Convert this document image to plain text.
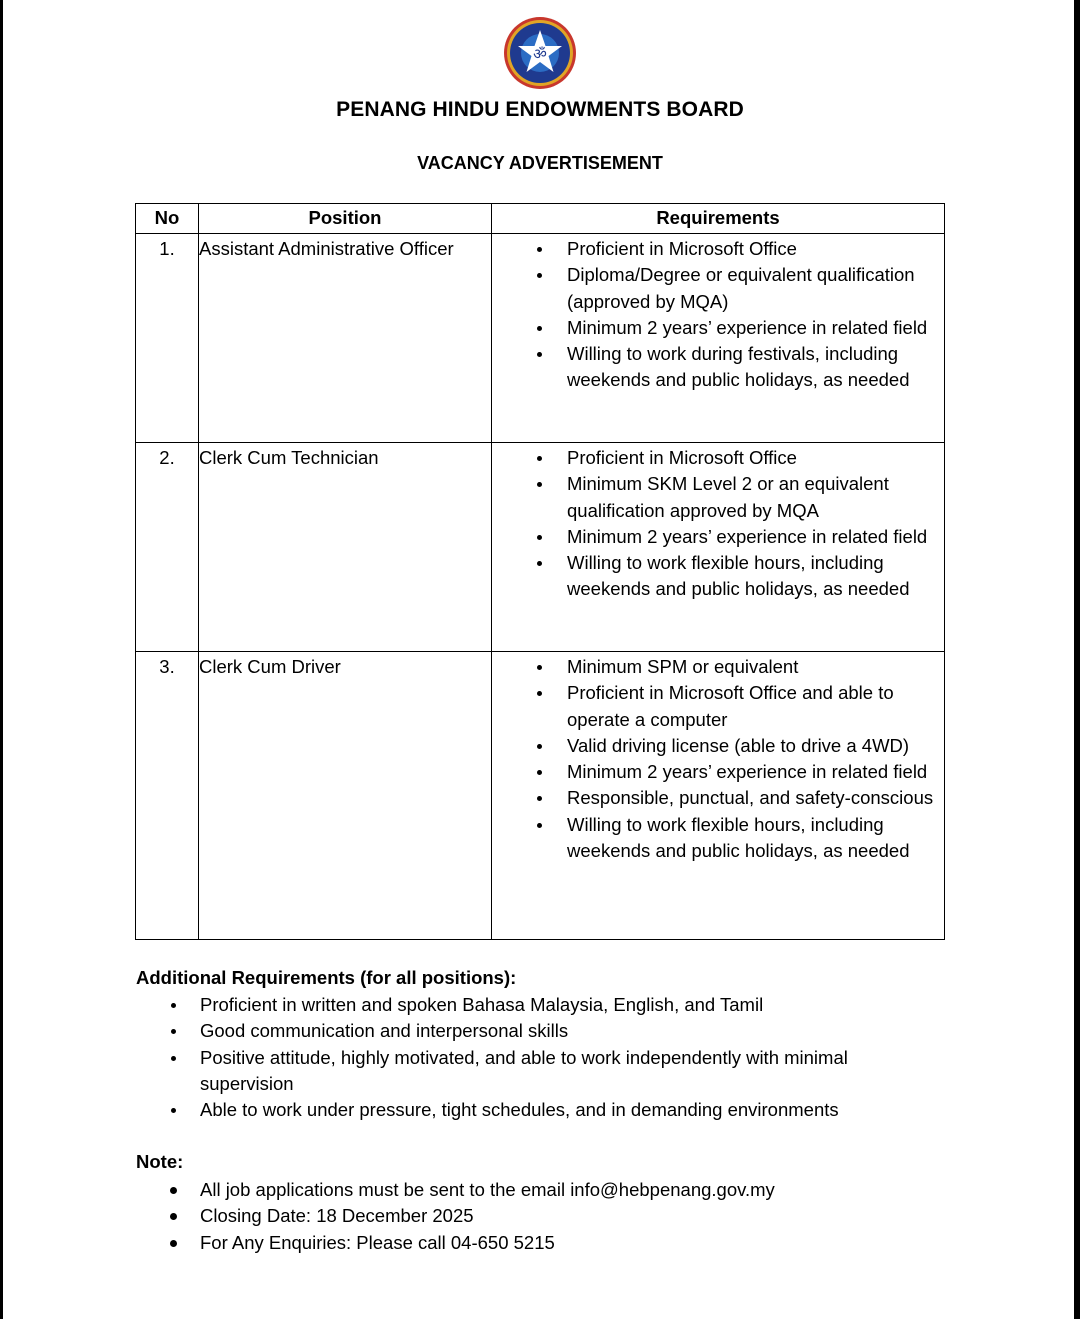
ॐ
PENANG HINDU ENDOWMENTS BOARD
VACANCY ADVERTISEMENT
No	Position	Requirements
1.	Assistant Administrative Officer	Proficient in Microsoft Office
Diploma/Degree or equivalent qualification (approved by MQA)
Minimum 2 years’ experience in related field
Willing to work during festivals, including weekends and public holidays, as needed

2.	Clerk Cum Technician	Proficient in Microsoft Office
Minimum SKM Level 2 or an equivalent qualification approved by MQA
Minimum 2 years’ experience in related field
Willing to work flexible hours, including weekends and public holidays, as needed

3.	Clerk Cum Driver	Minimum SPM or equivalent
Proficient in Microsoft Office and able to operate a computer
Valid driving license (able to drive a 4WD)
Minimum 2 years’ experience in related field
Responsible, punctual, and safety-conscious
Willing to work flexible hours, including weekends and public holidays, as needed
Additional Requirements (for all positions):
Proficient in written and spoken Bahasa Malaysia, English, and Tamil
Good communication and interpersonal skills
Positive attitude, highly motivated, and able to work independently with minimal supervision
Able to work under pressure, tight schedules, and in demanding environments
Note:
All job applications must be sent to the email info@hebpenang.gov.my
Closing Date: 18 December 2025
For Any Enquiries: Please call 04-650 5215
